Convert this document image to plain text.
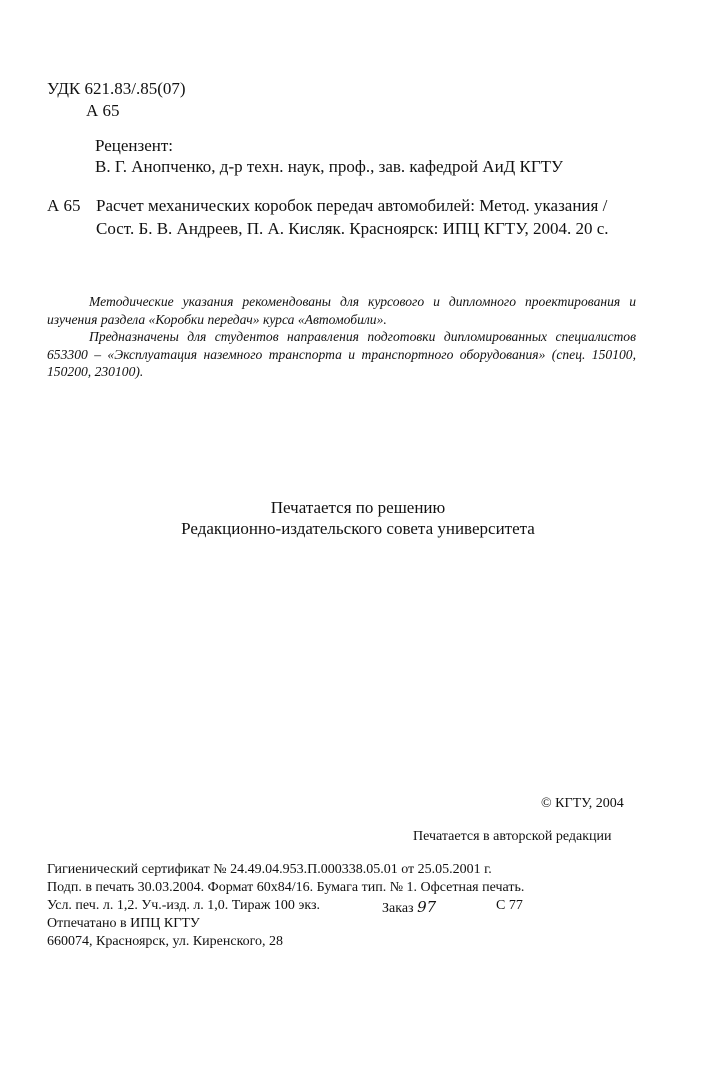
УДК 621.83/.85(07)
А 65
Рецензент:
В. Г. Анопченко, д-р техн. наук, проф., зав. кафедрой АиД КГТУ
А 65 Расчет механических коробок передач автомобилей: Метод. указания /
Сост. Б. В. Андреев, П. А. Кисляк. Красноярск: ИПЦ КГТУ, 2004. 20 с.

Методические указания рекомендованы для курсового и дипломного проектирования и изучения раздела «Коробки передач» курса «Автомобили».

Предназначены для студентов направления подготовки дипломированных специалистов 653300 – «Эксплуатация наземного транспорта и транспортного оборудования» (спец. 150100, 150200, 230100).

Печатается по решению
Редакционно-издательского совета университета
© КГТУ, 2004
Печатается в авторской редакции
Гигиенический сертификат № 24.49.04.953.П.000338.05.01 от 25.05.2001 г.
Подп. в печать 30.03.2004. Формат 60x84/16. Бумага тип. № 1. Офсетная печать.
Усл. печ. л. 1,2. Уч.-изд. л. 1,0. Тираж 100 экз.	Заказ 97	С 77
Отпечатано в ИПЦ КГТУ
660074, Красноярск, ул. Киренского, 28
